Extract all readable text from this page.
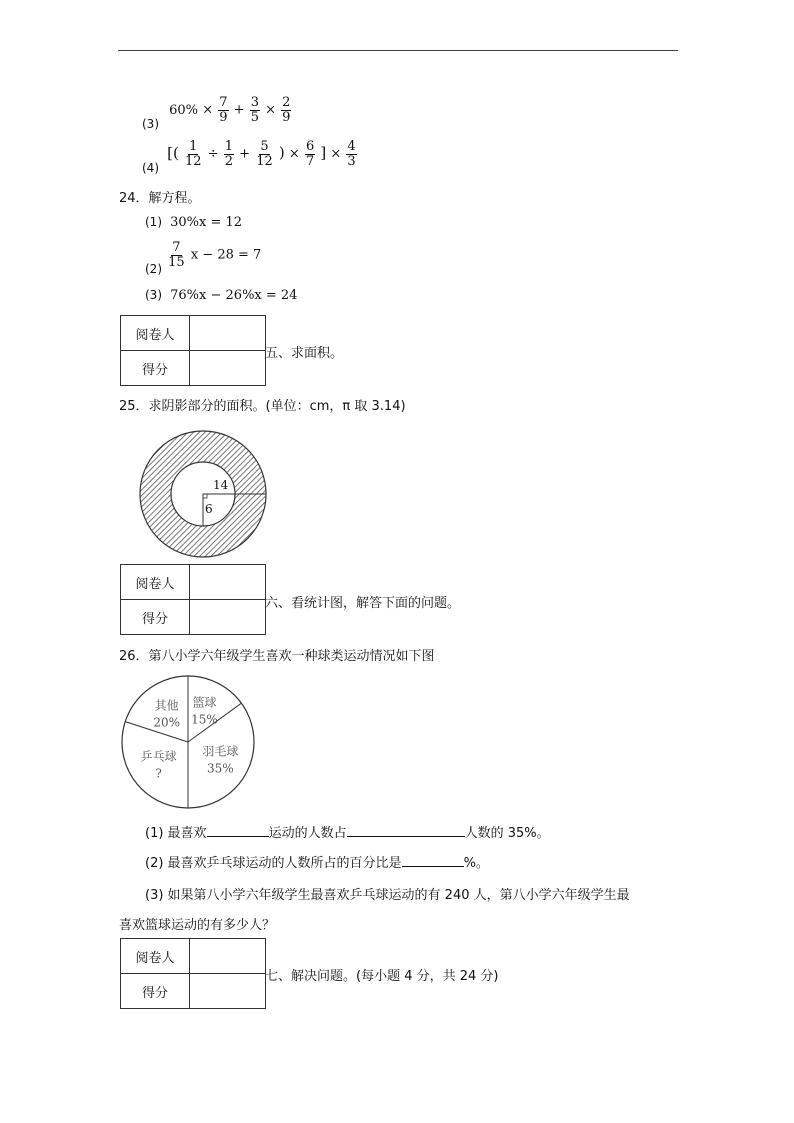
(3) $60\% \times \frac{7}{9} + \frac{3}{5} \times \frac{2}{9}$
(4) [( $\frac{1}{12} \div \frac{1}{2} + \frac{5}{12}$ ) × $\frac{6}{7}$ ] × $\frac{4}{3}$
24．解方程。
(1) 30%x = 12
$(2) \frac{7}{15}$ x − 28 = 7
(3) 76%x − 26%x = 24
阅卷人	
得分	
五、求面积。
25．求阴影部分的面积。(单位：cm，π 取 3.14)
14
6
阅卷人	
得分	
六、看统计图，解答下面的问题。
26．第八小学六年级学生喜欢一种球类运动情况如下图
篮球
15%
羽毛球
35%
乒乓球
?
其他
20%
(1) 最喜欢	运动的人数占	人数的 35%。
(2) 最喜欢乒乓球运动的人数所占的百分比是	%。
(3) 如果第八小学六年级学生最喜欢乒乓球运动的有 240 人，第八小学六年级学生最
喜欢篮球运动的有多少人？
阅卷人	
得分	
七、解决问题。(每小题 4 分，共 24 分)
